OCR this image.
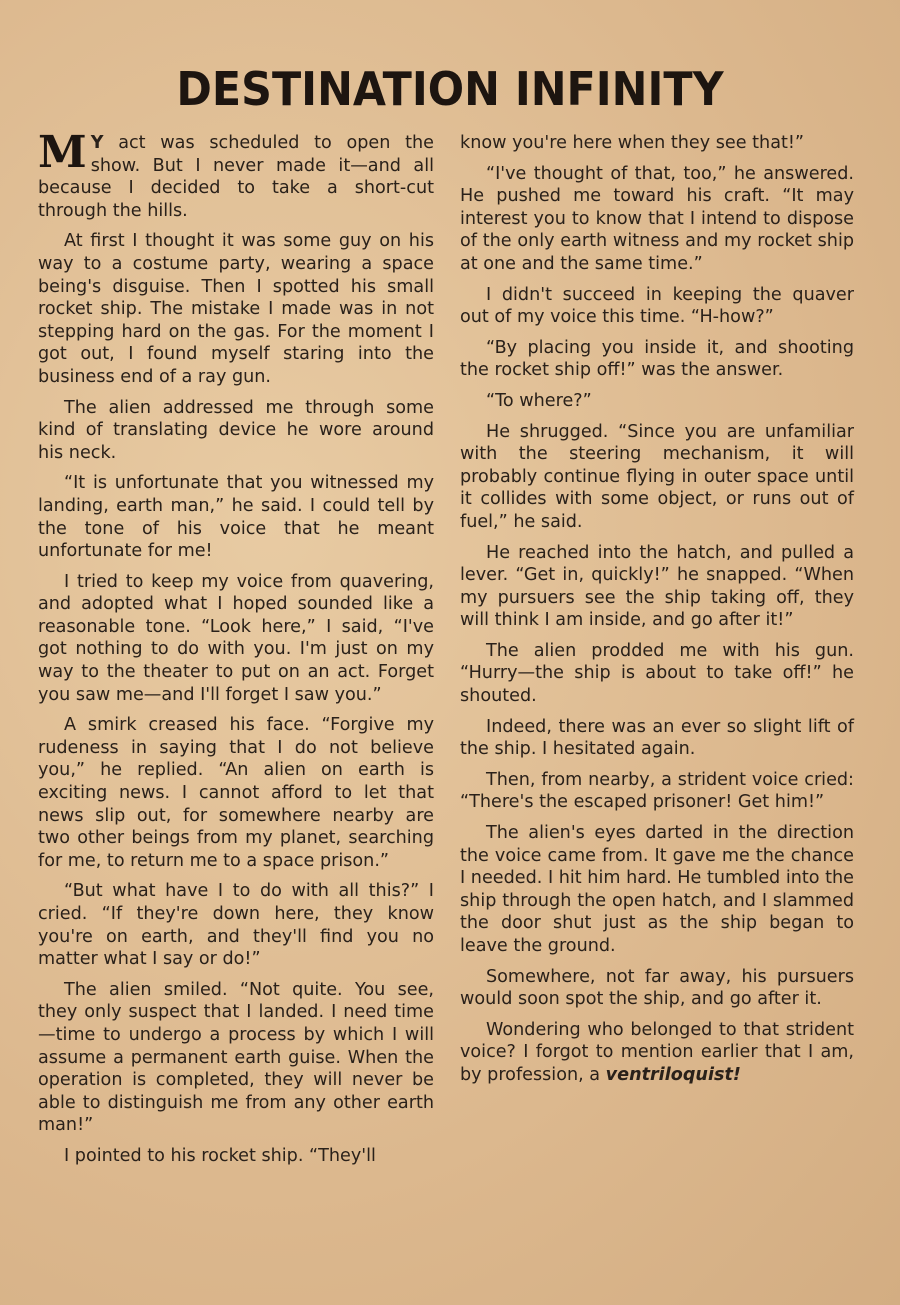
DESTINATION INFINITY

M Y act was scheduled to open the show. But I never made it—and all because I decided to take a short-cut through the hills.

At first I thought it was some guy on his way to a costume party, wearing a space being's disguise. Then I spotted his small rocket ship. The mistake I made was in not stepping hard on the gas. For the moment I got out, I found myself staring into the business end of a ray gun.

The alien addressed me through some kind of translating device he wore around his neck.

“It is unfortunate that you witnessed my landing, earth man,” he said. I could tell by the tone of his voice that he meant unfortunate for me!

I tried to keep my voice from quavering, and adopted what I hoped sounded like a reasonable tone. “Look here,” I said, “I've got nothing to do with you. I'm just on my way to the theater to put on an act. Forget you saw me—and I'll forget I saw you.”

A smirk creased his face. “Forgive my rudeness in saying that I do not believe you,” he replied. “An alien on earth is exciting news. I cannot afford to let that news slip out, for somewhere nearby are two other beings from my planet, searching for me, to return me to a space prison.”

“But what have I to do with all this?” I cried. “If they're down here, they know you're on earth, and they'll find you no matter what I say or do!”

The alien smiled. “Not quite. You see, they only suspect that I landed. I need time—time to undergo a process by which I will assume a permanent earth guise. When the operation is completed, they will never be able to distinguish me from any other earth man!”

I pointed to his rocket ship. “They'll

know you're here when they see that!”

“I've thought of that, too,” he answered. He pushed me toward his craft. “It may interest you to know that I intend to dispose of the only earth witness and my rocket ship at one and the same time.”

I didn't succeed in keeping the quaver out of my voice this time. “H-how?”

“By placing you inside it, and shooting the rocket ship off!” was the answer.

“To where?”

He shrugged. “Since you are unfamiliar with the steering mechanism, it will probably continue flying in outer space until it collides with some object, or runs out of fuel,” he said.

He reached into the hatch, and pulled a lever. “Get in, quickly!” he snapped. “When my pursuers see the ship taking off, they will think I am inside, and go after it!”

The alien prodded me with his gun. “Hurry—the ship is about to take off!” he shouted.

Indeed, there was an ever so slight lift of the ship. I hesitated again.

Then, from nearby, a strident voice cried: “There's the escaped prisoner! Get him!”

The alien's eyes darted in the direction the voice came from. It gave me the chance I needed. I hit him hard. He tumbled into the ship through the open hatch, and I slammed the door shut just as the ship began to leave the ground.

Somewhere, not far away, his pursuers would soon spot the ship, and go after it.

Wondering who belonged to that strident voice? I forgot to mention earlier that I am, by profession, a ventriloquist!
